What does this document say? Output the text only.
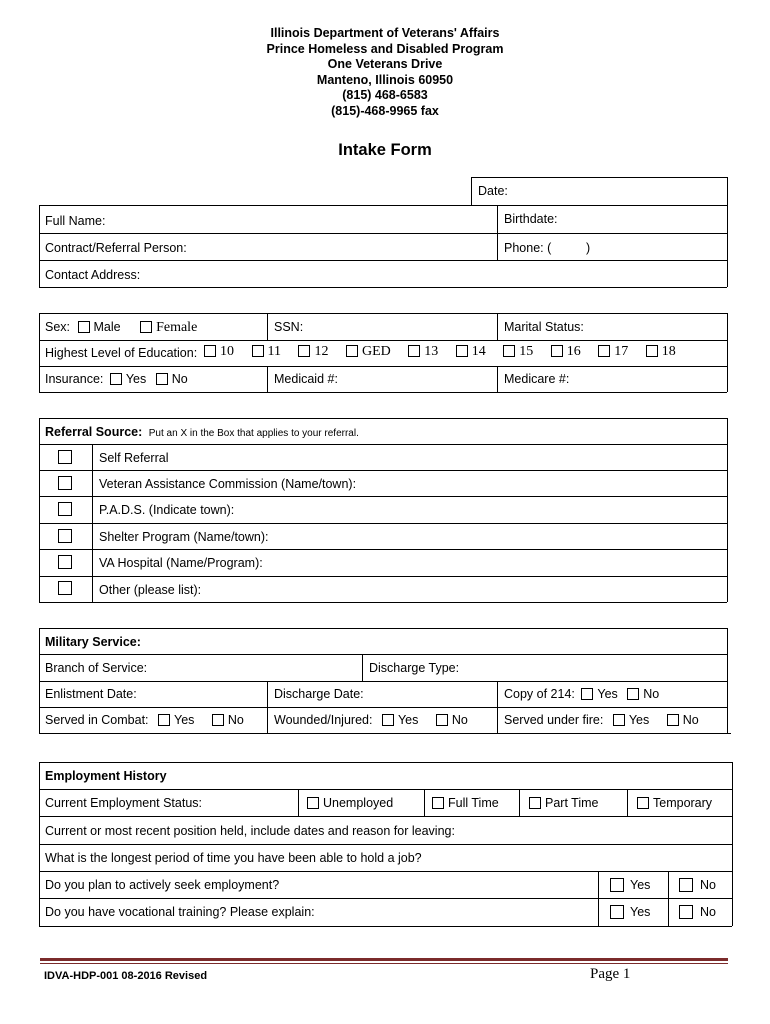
Illinois Department of Veterans' Affairs
Prince Homeless and Disabled Program
One Veterans Drive
Manteno, Illinois 60950
(815) 468-6583
(815)-468-9965 fax
Intake Form
Date:
Full Name:	Birthdate:
Contract/Referral Person:	Phone: (          )
Contact Address:
Sex: Male	Female	SSN:	Marital Status:
Highest Level of Education:	10 11 12 GED 13 14 15 16 17 18
Insurance: Yes No	Medicaid #:	Medicare #:
Referral Source: Put an X in the Box that applies to your referral.
Self Referral
Veteran Assistance Commission (Name/town):
P.A.D.S. (Indicate town):
Shelter Program (Name/town):
VA Hospital (Name/Program):
Other (please list):
Military Service:
Branch of Service:	Discharge Type:
Enlistment Date:	Discharge Date:	Copy of 214: Yes No
Served in Combat: Yes	No Wounded/Injured: Yes	No	Served under fire: Yes	No
Employment History
Current Employment Status:	Unemployed	Full Time	Part Time	Temporary
Current or most recent position held, include dates and reason for leaving:
What is the longest period of time you have been able to hold a job?
Do you plan to actively seek employment?	Yes	No
Do you have vocational training? Please explain:	Yes	No
IDVA-HDP-001 08-2016 Revised	Page 1
